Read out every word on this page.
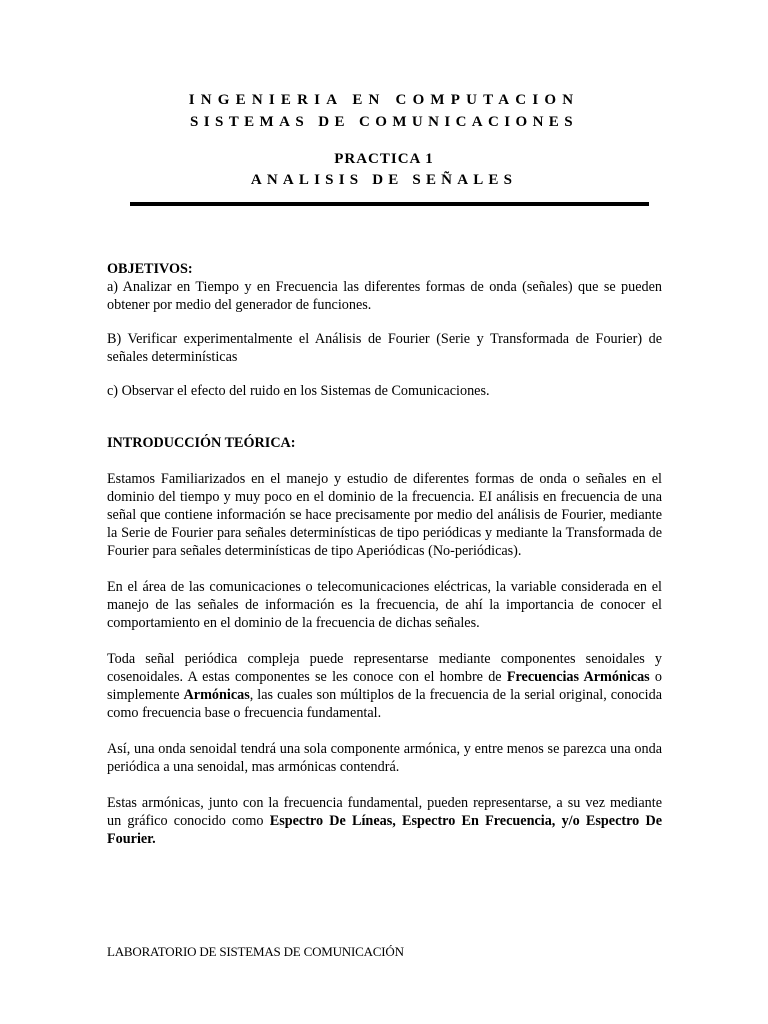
INGENIERIA EN COMPUTACION
SISTEMAS DE COMUNICACIONES
PRACTICA 1
ANALISIS DE SEÑALES

OBJETIVOS:

a) Analizar en Tiempo y en Frecuencia las diferentes formas de onda (señales) que se pueden obtener por medio del generador de funciones.

B) Verificar experimentalmente el Análisis de Fourier (Serie y Transformada de Fourier) de señales determinísticas

c) Observar el efecto del ruido en los Sistemas de Comunicaciones.

INTRODUCCIÓN TEÓRICA:

Estamos Familiarizados en el manejo y estudio de diferentes formas de onda o señales en el dominio del tiempo y muy poco en el dominio de la frecuencia. EI análisis en frecuencia de una señal que contiene información se hace precisamente por medio del análisis de Fourier, mediante la Serie de Fourier para señales determinísticas de tipo periódicas y mediante la Transformada de Fourier para señales determinísticas de tipo Aperiódicas (No-periódicas).

En el área de las comunicaciones o telecomunicaciones eléctricas, la variable considerada en el manejo de las señales de información es la frecuencia, de ahí la importancia de conocer el comportamiento en el dominio de la frecuencia de dichas señales.

Toda señal periódica compleja puede representarse mediante componentes senoidales y cosenoidales. A estas componentes se les conoce con el hombre de Frecuencias Armónicas o simplemente Armónicas, las cuales son múltiplos de la frecuencia de la serial original, conocida como frecuencia base o frecuencia fundamental.

Así, una onda senoidal tendrá una sola componente armónica, y entre menos se parezca una onda periódica a una senoidal, mas armónicas contendrá.

Estas armónicas, junto con la frecuencia fundamental, pueden representarse, a su vez mediante un gráfico conocido como Espectro De Líneas, Espectro En Frecuencia, y/o Espectro De Fourier.

LABORATORIO DE SISTEMAS DE COMUNICACIÓN
